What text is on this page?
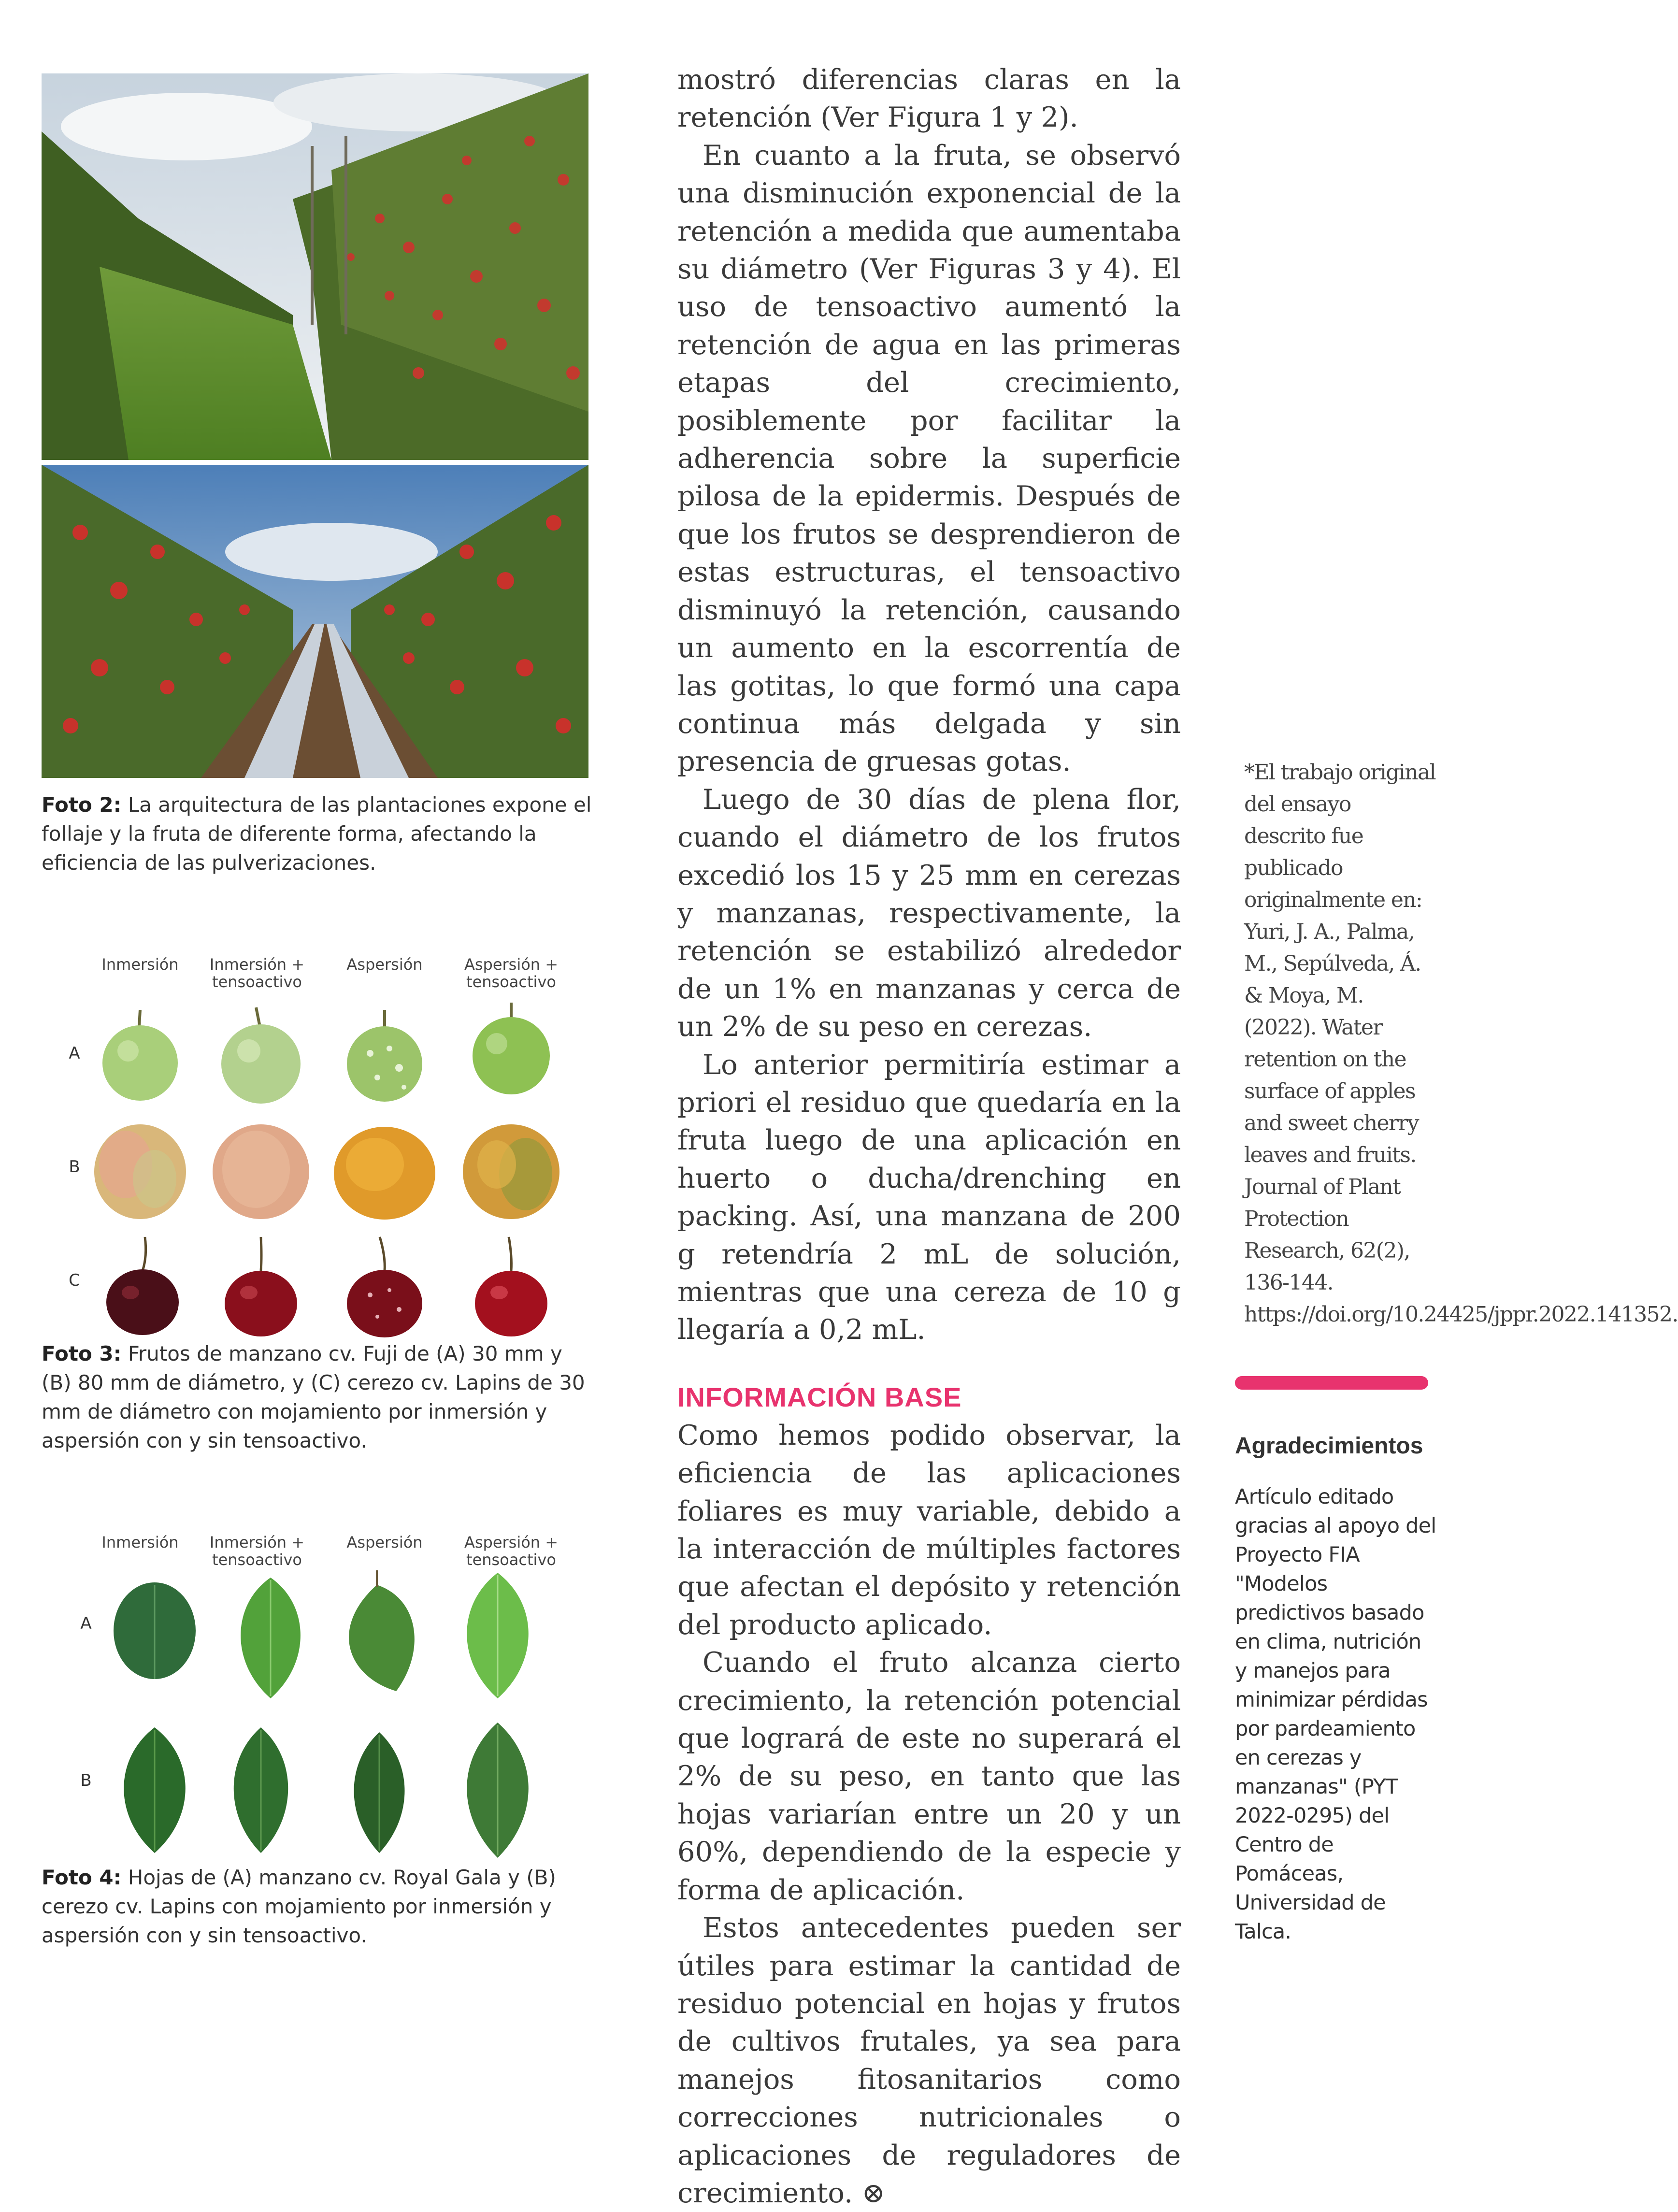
Foto 2: La arquitectura de las plantaciones expone el follaje y la fruta de diferente forma, afectando la eficiencia de las pulverizaciones.
Inmersión	Inmersión + tensoactivo
Aspersión	Aspersión + tensoactivo
A
B
C
Foto 3: Frutos de manzano cv. Fuji de (A) 30 mm y (B) 80 mm de diámetro, y (C) cerezo cv. Lapins de 30 mm de diámetro con mojamiento por inmersión y aspersión con y sin tensoactivo.
Inmersión	Inmersión + tensoactivo
Aspersión	Aspersión + tensoactivo
A
B
Foto 4: Hojas de (A) manzano cv. Royal Gala y (B) cerezo cv. Lapins con mojamiento por inmersión y aspersión con y sin tensoactivo.

mostró diferencias claras en la retención (Ver Figura 1 y 2).

En cuanto a la fruta, se observó una disminución exponencial de la retención a medida que aumentaba su diámetro (Ver Figuras 3 y 4). El uso de tensoactivo aumentó la retención de agua en las primeras etapas del crecimiento, posiblemente por facilitar la adherencia sobre la superficie pilosa de la epidermis. Después de que los frutos se desprendieron de estas estructuras, el tensoactivo disminuyó la retención, causando un aumento en la escorrentía de las gotitas, lo que formó una capa continua más delgada y sin presencia de gruesas gotas.

Luego de 30 días de plena flor, cuando el diámetro de los frutos excedió los 15 y 25 mm en cerezas y manzanas, respectivamente, la retención se estabilizó alrededor de un 1% en manzanas y cerca de un 2% de su peso en cerezas.

Lo anterior permitiría estimar a priori el residuo que quedaría en la fruta luego de una aplicación en huerto o ducha/drenching en packing. Así, una manzana de 200 g retendría 2 mL de solución, mientras que una cereza de 10 g llegaría a 0,2 mL.

INFORMACIÓN BASE

Como hemos podido observar, la eficiencia de las aplicaciones foliares es muy variable, debido a la interacción de múltiples factores que afectan el depósito y retención del producto aplicado.

Cuando el fruto alcanza cierto crecimiento, la retención potencial que logrará de este no superará el 2% de su peso, en tanto que las hojas variarían entre un 20 y un 60%, dependiendo de la especie y forma de aplicación.

Estos antecedentes pueden ser útiles para estimar la cantidad de residuo potencial en hojas y frutos de cultivos frutales, ya sea para manejos fitosanitarios como correcciones nutricionales o aplicaciones de reguladores de crecimiento. ⊗

*El trabajo original del ensayo descrito fue publicado originalmente en: Yuri, J. A., Palma, M., Sepúlveda, Á. & Moya, M. (2022). Water retention on the surface of apples and sweet cherry leaves and fruits. Journal of Plant Protection Research, 62(2), 136-144. https://doi.org/10.24425/jppr.2022.141352.
Agradecimientos
Artículo editado gracias al apoyo del Proyecto FIA "Modelos predictivos basado en clima, nutrición y manejos para minimizar pérdidas por pardeamiento en cerezas y manzanas" (PYT 2022-0295) del Centro de Pomáceas, Universidad de Talca.
